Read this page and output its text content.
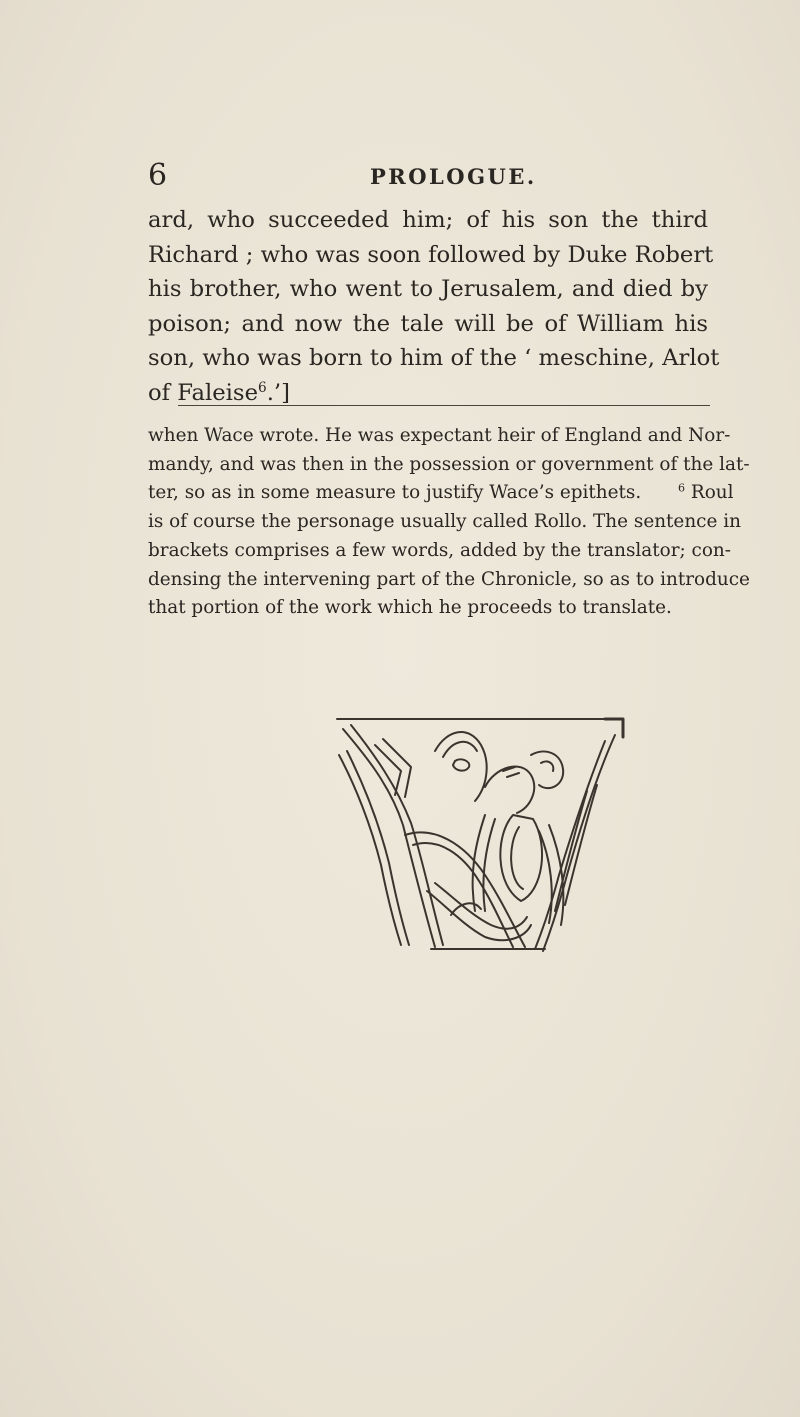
6	PROLOGUE.
ard, who succeeded him; of his son the third
Richard ; who was soon followed by Duke Robert
his brother, who went to Jerusalem, and died by
poison; and now the tale will be of William his
son, who was born to him of the ‘ meschine, Arlot
of Faleise$^6$.’]
when Wace wrote. He was expectant heir of England and Nor-
mandy, and was then in the possession or government of the lat-
ter, so as in some measure to justify Wace’s epithets.  	$^6$ Roul
is of course the personage usually called Rollo. The sentence in
brackets comprises a few words, added by the translator; con-
densing the intervening part of the Chronicle, so as to introduce
that portion of the work which he proceeds to translate.
